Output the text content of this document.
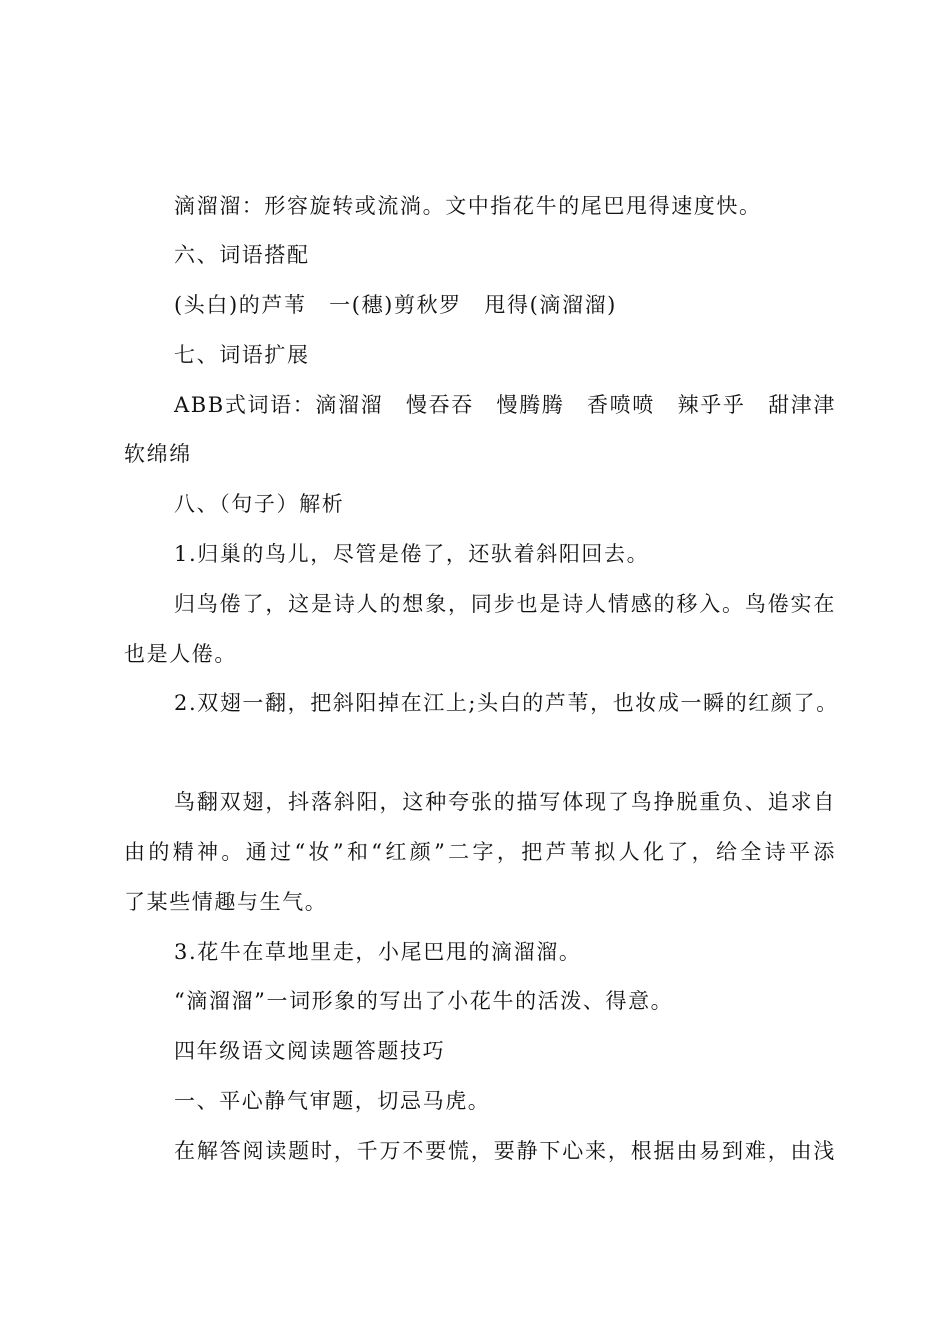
滴溜溜：形容旋转或流淌。文中指花牛的尾巴甩得速度快。
六、词语搭配
(头白)的芦苇　一(穗)剪秋罗　甩得(滴溜溜)
七、词语扩展
ABB式词语：滴溜溜　慢吞吞　慢腾腾　香喷喷　辣乎乎　甜津津
软绵绵
八、（句子）解析
1.归巢的鸟儿，尽管是倦了，还驮着斜阳回去。
归鸟倦了，这是诗人的想象，同步也是诗人情感的移入。鸟倦实在
也是人倦。
2.双翅一翻，把斜阳掉在江上;头白的芦苇，也妆成一瞬的红颜了。
鸟翻双翅，抖落斜阳，这种夸张的描写体现了鸟挣脱重负、追求自
由的精神。通过“妆”和“红颜”二字，把芦苇拟人化了，给全诗平添
了某些情趣与生气。
3.花牛在草地里走，小尾巴甩的滴溜溜。
“滴溜溜”一词形象的写出了小花牛的活泼、得意。
四年级语文阅读题答题技巧
一、平心静气审题，切忌马虎。
在解答阅读题时，千万不要慌，要静下心来，根据由易到难，由浅
